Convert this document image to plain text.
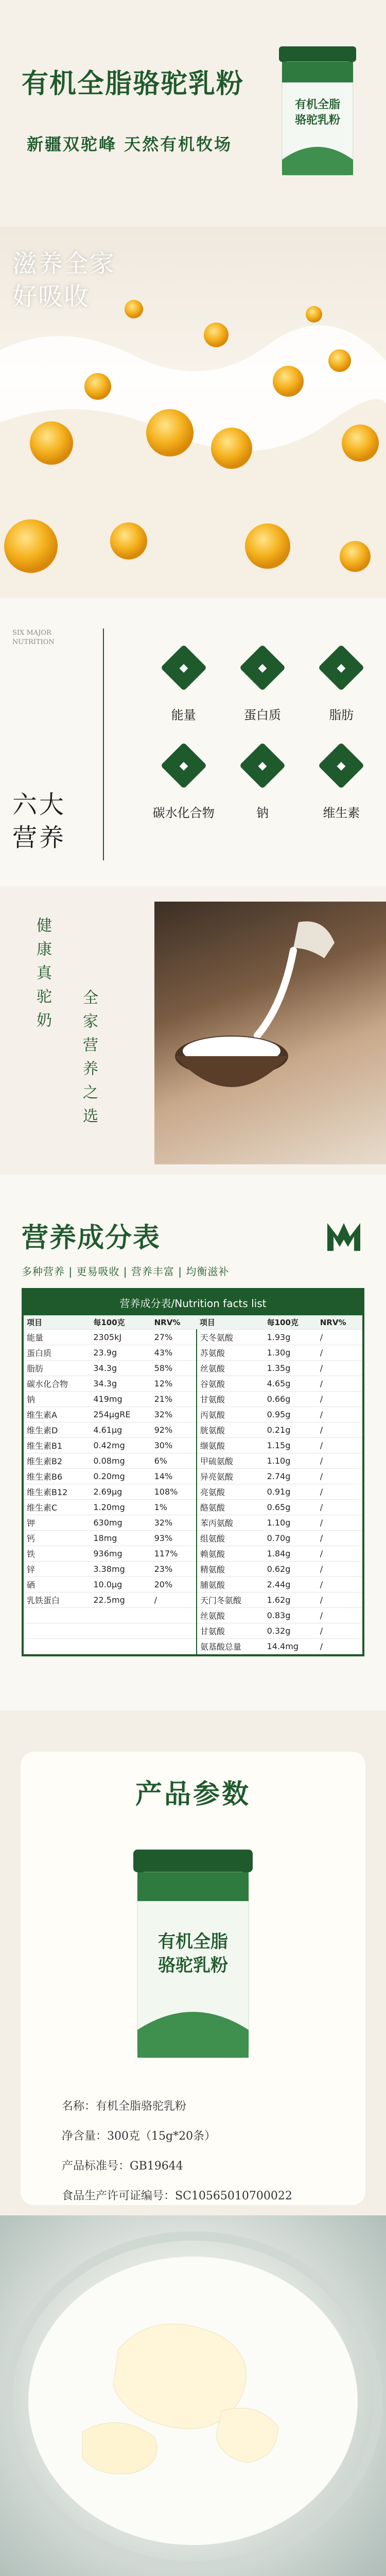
有机全脂骆驼乳粉
新疆双驼峰 天然有机牧场
有机全脂
骆驼乳粉
滋养全家
好吸收
SIX MAJOR
NUTRITION
六大
营养
◆
能量
◆
蛋白质
◆
脂肪
◆
碳水化合物
◆
钠
◆
维生素
健康真驼奶
全家营养之选
营养成分表
多种营养 | 更易吸收 | 营养丰富 | 均衡滋补
营养成分表/Nutrition facts list
项目	每100克	NRV%	项目	每100克	NRV%
能量	2305kJ	27%	天冬氨酸	1.93g	/
蛋白质	23.9g	43%	苏氨酸	1.30g	/
脂肪	34.3g	58%	丝氨酸	1.35g	/
碳水化合物	34.3g	12%	谷氨酸	4.65g	/
钠	419mg	21%	甘氨酸	0.66g	/
维生素A	254μgRE	32%	丙氨酸	0.95g	/
维生素D	4.61μg	92%	胱氨酸	0.21g	/
维生素B1	0.42mg	30%	缬氨酸	1.15g	/
维生素B2	0.08mg	6%	甲硫氨酸	1.10g	/
维生素B6	0.20mg	14%	异亮氨酸	2.74g	/
维生素B12	2.69μg	108%	亮氨酸	0.91g	/
维生素C	1.20mg	1%	酪氨酸	0.65g	/
钾	630mg	32%	苯丙氨酸	1.10g	/
钙	18mg	93%	组氨酸	0.70g	/
铁	936mg	117%	赖氨酸	1.84g	/
锌	3.38mg	23%	精氨酸	0.62g	/
硒	10.0μg	20%	脯氨酸	2.44g	/
乳铁蛋白	22.5mg	/	天门冬氨酸	1.62g	/
			丝氨酸	0.83g	/
			甘氨酸	0.32g	/
			氨基酸总量	14.4mg	/
产品参数
有机全脂
骆驼乳粉
名称：有机全脂骆驼乳粉
净含量：300克（15g*20条）
产品标准号：GB19644
食品生产许可证编号：SC10565010700022
